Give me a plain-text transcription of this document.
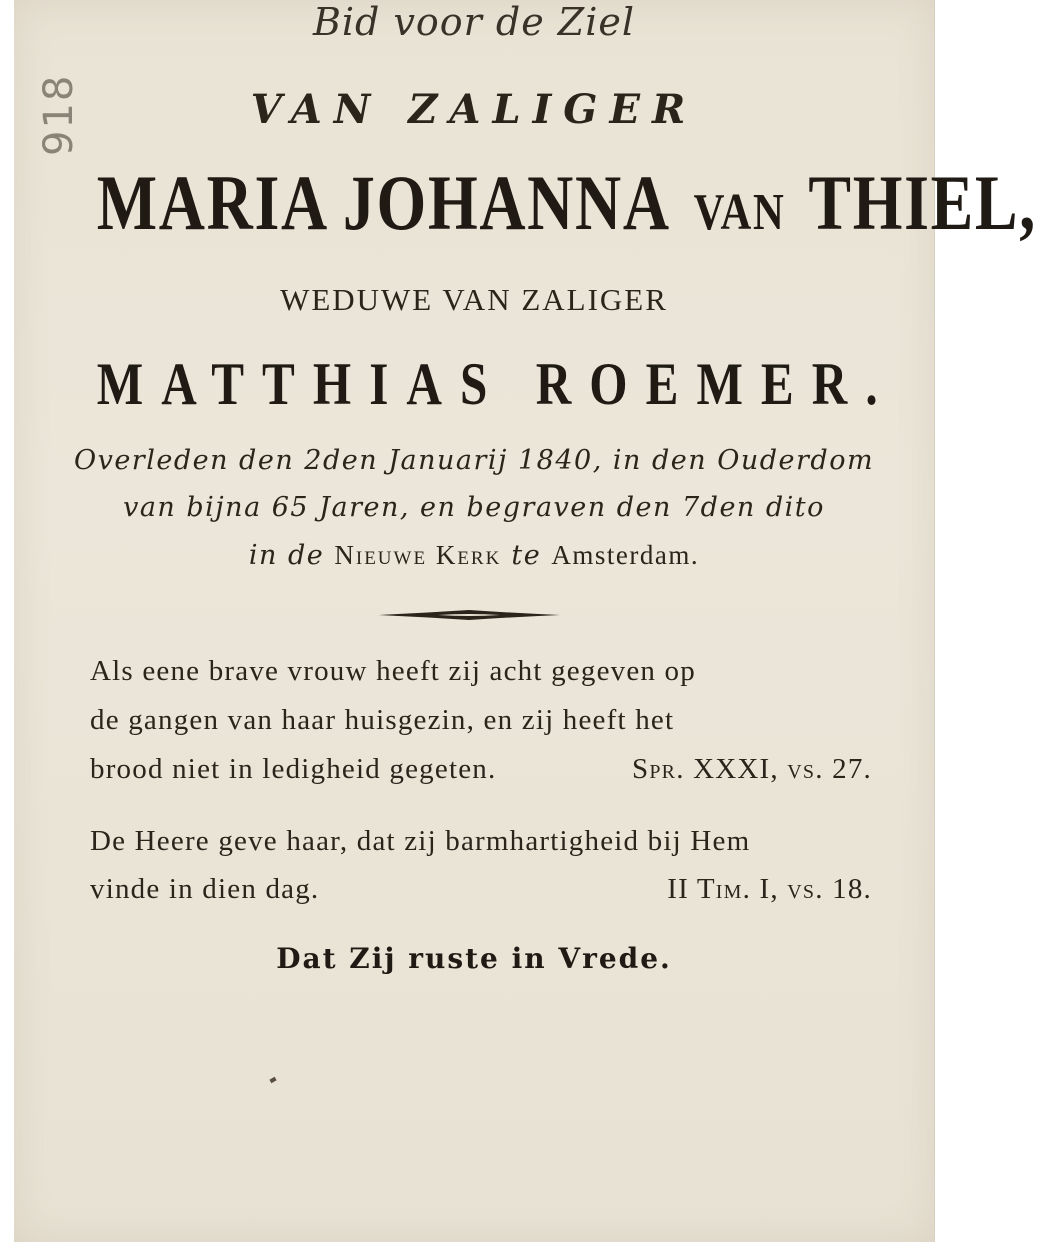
918
Bid voor de Ziel
VAN ZALIGER
MARIA JOHANNA VAN THIEL,
WEDUWE VAN ZALIGER
MATTHIAS ROEMER.
Overleden den 2den Januarij 1840, in den Ouderdom
van bijna 65 Jaren, en begraven den 7den dito
in de Nieuwe Kerk te Amsterdam.
Als eene brave vrouw heeft zij acht gegeven op
de gangen van haar huisgezin, en zij heeft het
brood niet in ledigheid gegeten.	Spr. XXXI, vs. 27.
De Heere geve haar, dat zij barmhartigheid bij Hem
vinde in dien dag.	II Tim. I, vs. 18.
Dat Zij ruste in Vrede.
